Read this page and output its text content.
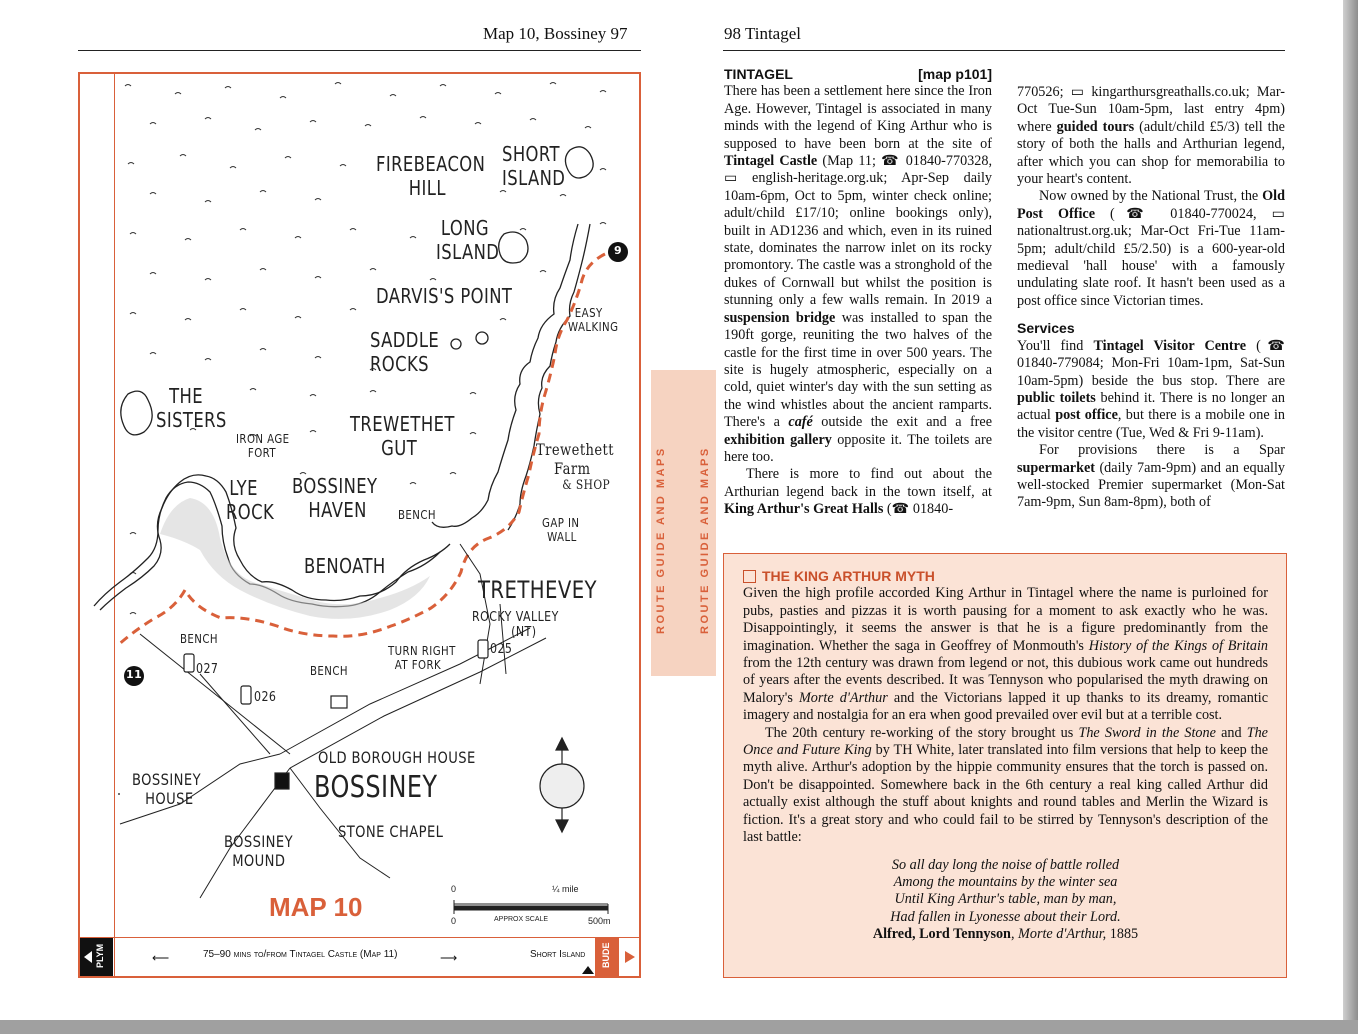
Map 10, Bossiney 97	98 Tintagel
FIREBEACON
HILL
SHORT
ISLAND
LONG
ISLAND
DARVIS'S POINT
EASY
WALKING
SADDLE
ROCKS
THE
SISTERS
IRON AGE
FORT
TREWETHET
GUT	Trewethett
Farm
& SHOP
LYE
ROCK
BOSSINEY
HAVEN	BENCH
GAP IN
WALL
BENOATH
TRETHEVEY
ROCKY VALLEY
(NT)
BENCH
BENCH
TURN RIGHT
AT FORK
025
027
026
OLD BOROUGH HOUSE
BOSSINEY
HOUSE	BOSSINEY
STONE CHAPEL
BOSSINEY
MOUND
9
11
MAP 10
0	¼ mile
0	APPROX SCALE	500m
PLYM	⟵	75–90 mins to/from Tintagel Castle (Map 11)	⟶	Short Island BUDE
ROUTE GUIDE AND MAPS	ROUTE GUIDE AND MAPS

TINTAGEL	[map p101]

There has been a settlement here since the Iron Age. However, Tintagel is associated in many minds with the legend of King Arthur who is supposed to have been born at the site of Tintagel Castle (Map 11; ☎ 01840-770328, ▭ english-heritage.org.uk; Apr-Sep daily 10am-6pm, Oct to 5pm, winter check online; adult/child £17/10; online bookings only), built in AD1236 and which, even in its ruined state, dominates the narrow inlet on its rocky promontory. The castle was a stronghold of the dukes of Cornwall but whilst the position is stunning only a few walls remain. In 2019 a suspension bridge was installed to span the 190ft gorge, reuniting the two halves of the castle for the first time in over 500 years. The site is hugely atmospheric, especially on a cold, quiet winter's day with the sun setting as the wind whistles about the ancient ramparts. There's a café outside the exit and a free exhibition gallery opposite it. The toilets are here too.

There is more to find out about the Arthurian legend back in the town itself, at King Arthur's Great Halls (☎ 01840-

770526; ▭ kingarthursgreathalls.co.uk; Mar-Oct Tue-Sun 10am-5pm, last entry 4pm) where guided tours (adult/child £5/3) tell the story of both the halls and Arthurian legend, after which you can shop for memorabilia to your heart's content.

Now owned by the National Trust, the Old Post Office (☎ 01840-770024, ▭ nationaltrust.org.uk; Mar-Oct Fri-Tue 11am-5pm; adult/child £5/2.50) is a 600-year-old medieval 'hall house' with a famously undulating slate roof. It hasn't been used as a post office since Victorian times.

Services

You'll find Tintagel Visitor Centre (☎ 01840-779084; Mon-Fri 10am-1pm, Sat-Sun 10am-5pm) beside the bus stop. There are public toilets behind it. There is no longer an actual post office, but there is a mobile one in the visitor centre (Tue, Wed & Fri 9-11am).

For provisions there is a Spar supermarket (daily 7am-9pm) and an equally well-stocked Premier supermarket (Mon-Sat 7am-9pm, Sun 8am-8pm), both of

THE KING ARTHUR MYTH

Given the high profile accorded King Arthur in Tintagel where the name is purloined for pubs, pasties and pizzas it is worth pausing for a moment to ask exactly who he was. Disappointingly, it seems the answer is that he is a figure predominantly from the imagination. Whether the saga in Geoffrey of Monmouth's History of the Kings of Britain from the 12th century was drawn from legend or not, this dubious work came out hundreds of years after the events described. It was Tennyson who popularised the myth drawing on Malory's Morte d'Arthur and the Victorians lapped it up thanks to its dreamy, romantic imagery and nostalgia for an era when good prevailed over evil but at a terrible cost.

The 20th century re-working of the story brought us The Sword in the Stone and The Once and Future King by TH White, later translated into film versions that help to keep the myth alive. Arthur's adoption by the hippie community ensures that the torch is passed on. Don't be disappointed. Somewhere back in the 6th century a real king called Arthur did actually exist although the stuff about knights and round tables and Merlin the Wizard is fiction. It's a great story and who could fail to be stirred by Tennyson's description of the last battle:

So all day long the noise of battle rolled
Among the mountains by the winter sea
Until King Arthur's table, man by man,
Had fallen in Lyonesse about their Lord.

Alfred, Lord Tennyson, Morte d'Arthur, 1885
